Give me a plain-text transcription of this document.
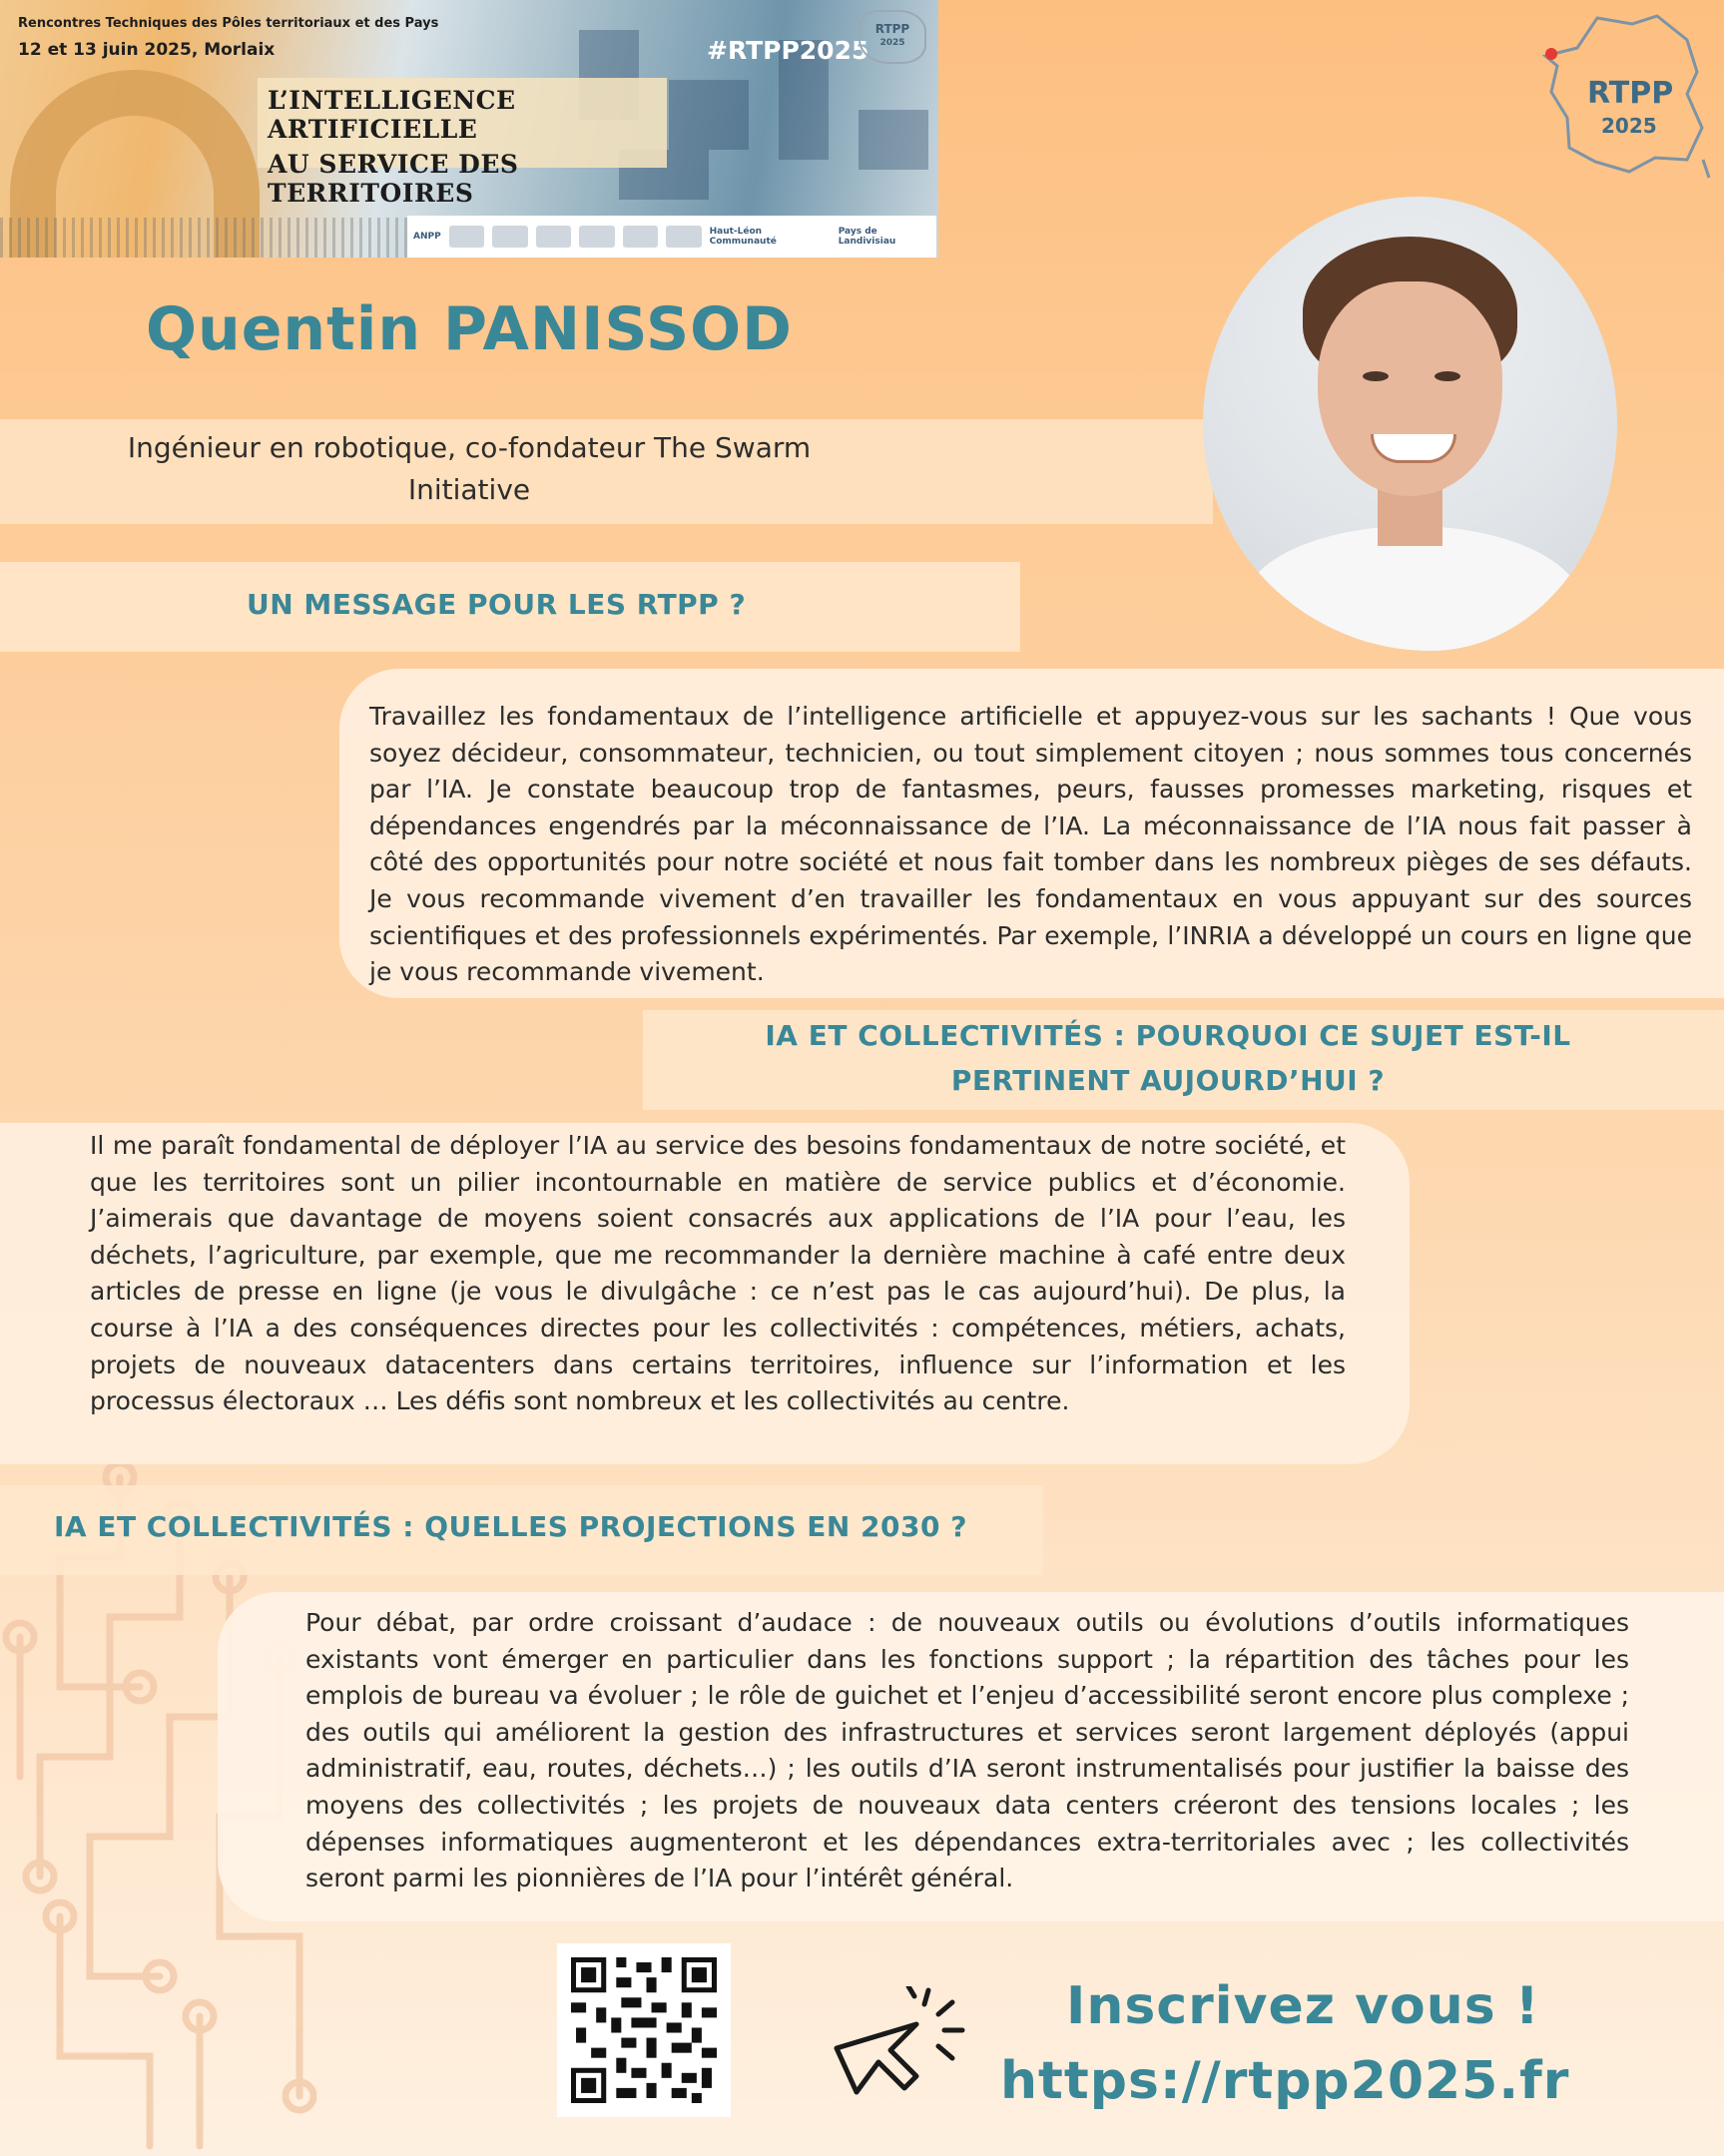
Rencontres Techniques des Pôles territoriaux et des Pays
12 et 13 juin 2025, Morlaix	#RTPP2025
RTPP
2025
L’INTELLIGENCE ARTIFICIELLE
AU SERVICE DES TERRITOIRES
ANPP	Haut-Léon Communauté
Pays de Landivisiau
RTPP
2025
Quentin PANISSOD
Ingénieur en robotique, co-fondateur The Swarm Initiative
UN MESSAGE POUR LES RTPP ?
Travaillez les fondamentaux de l’intelligence artificielle et appuyez-vous sur les sachants ! Que vous soyez décideur, consommateur, technicien, ou tout simplement citoyen ; nous sommes tous concernés par l’IA. Je constate beaucoup trop de fantasmes, peurs, fausses promesses marketing, risques et dépendances engendrés par la méconnaissance de l’IA. La méconnaissance de l’IA nous fait passer à côté des opportunités pour notre société et nous fait tomber dans les nombreux pièges de ses défauts. Je vous recommande vivement d’en travailler les fondamentaux en vous appuyant sur des sources scientifiques et des professionnels expérimentés. Par exemple, l’INRIA a développé un cours en ligne que je vous recommande vivement.
IA ET COLLECTIVITÉS : POURQUOI CE SUJET EST-IL PERTINENT AUJOURD’HUI ?
Il me paraît fondamental de déployer l’IA au service des besoins fondamentaux de notre société, et que les territoires sont un pilier incontournable en matière de service publics et d’économie. J’aimerais que davantage de moyens soient consacrés aux applications de l’IA pour l’eau, les déchets, l’agriculture, par exemple, que me recommander la dernière machine à café entre deux articles de presse en ligne (je vous le divulgâche : ce n’est pas le cas aujourd’hui). De plus, la course à l’IA a des conséquences directes pour les collectivités : compétences, métiers, achats, projets de nouveaux datacenters dans certains territoires, influence sur l’information et les processus électoraux … Les défis sont nombreux et les collectivités au centre.
IA ET COLLECTIVITÉS : QUELLES PROJECTIONS EN 2030 ?
Pour débat, par ordre croissant d’audace : de nouveaux outils ou évolutions d’outils informatiques existants vont émerger en particulier dans les fonctions support ; la répartition des tâches pour les emplois de bureau va évoluer ; le rôle de guichet et l’enjeu d’accessibilité seront encore plus complexe ; des outils qui améliorent la gestion des infrastructures et services seront largement déployés (appui administratif, eau, routes, déchets…) ; les outils d’IA seront instrumentalisés pour justifier la baisse des moyens des collectivités ; les projets de nouveaux data centers créeront des tensions locales ; les dépenses informatiques augmenteront et les dépendances extra-territoriales avec ; les collectivités seront parmi les pionnières de l’IA pour l’intérêt général.
Inscrivez vous !
https://rtpp2025.fr
